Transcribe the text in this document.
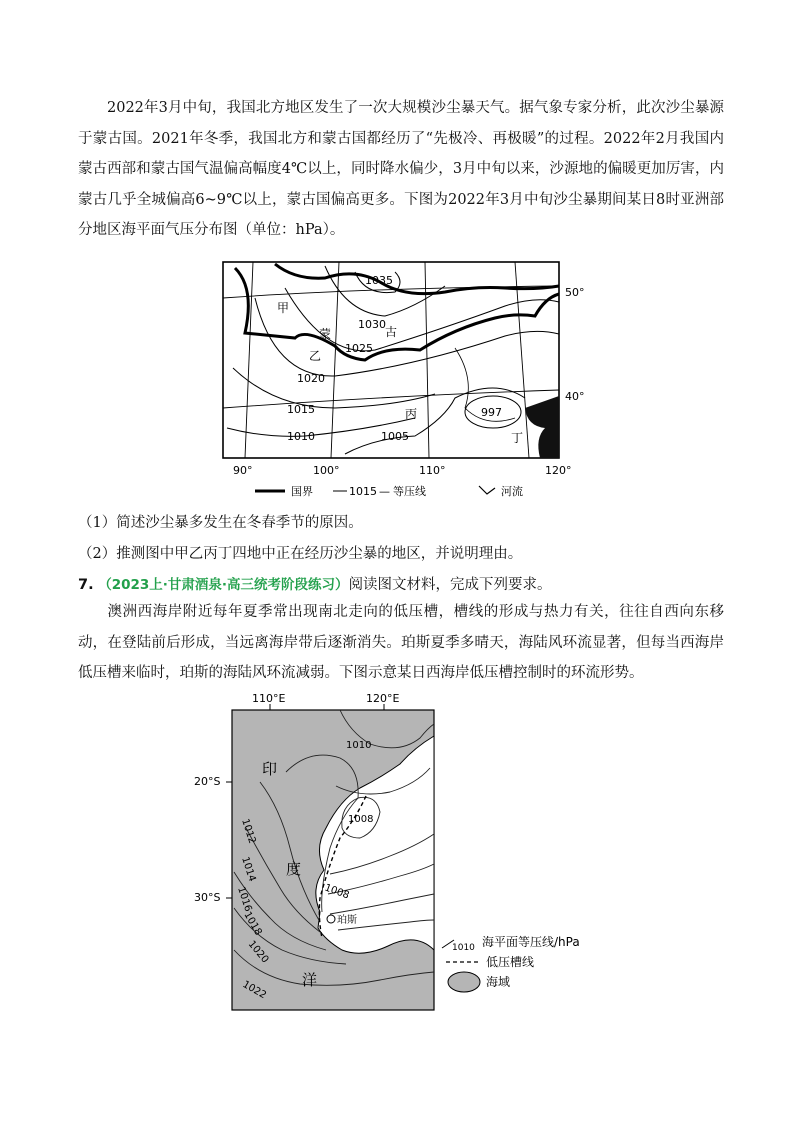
2022年3月中旬，我国北方地区发生了一次大规模沙尘暴天气。据气象专家分析，此次沙尘暴源于蒙古国。2021年冬季，我国北方和蒙古国都经历了“先极冷、再极暖”的过程。2022年2月我国内蒙古西部和蒙古国气温偏高幅度4℃以上，同时降水偏少，3月中旬以来，沙源地的偏暖更加厉害，内蒙古几乎全城偏高6~9℃以上，蒙古国偏高更多。下图为2022年3月中旬沙尘暴期间某日8时亚洲部分地区海平面气压分布图（单位：hPa）。
1035
1030
1025
1020
1015
1010	1005
997
甲
乙
丙
丁
蒙	古
50°
40°
90°	100°	110°	120°
国界	1015 — 等压线	河流
（1）简述沙尘暴多发生在冬春季节的原因。
（2）推测图中甲乙丙丁四地中正在经历沙尘暴的地区，并说明理由。
7. （2023上·甘肃酒泉·高三统考阶段练习）阅读图文材料，完成下列要求。
澳洲西海岸附近每年夏季常出现南北走向的低压槽，槽线的形成与热力有关，往往自西向东移动，在登陆前后形成，当远离海岸带后逐渐消失。珀斯夏季多晴天，海陆风环流显著，但每当西海岸低压槽来临时，珀斯的海陆风环流减弱。下图示意某日西海岸低压槽控制时的环流形势。
珀斯
印
度
洋
1010
1008
1008
1012
1014
1016
1018
1020
1022
110°E	120°E
20°S
30°S
1010 海平面等压线/hPa
低压槽线
海域
